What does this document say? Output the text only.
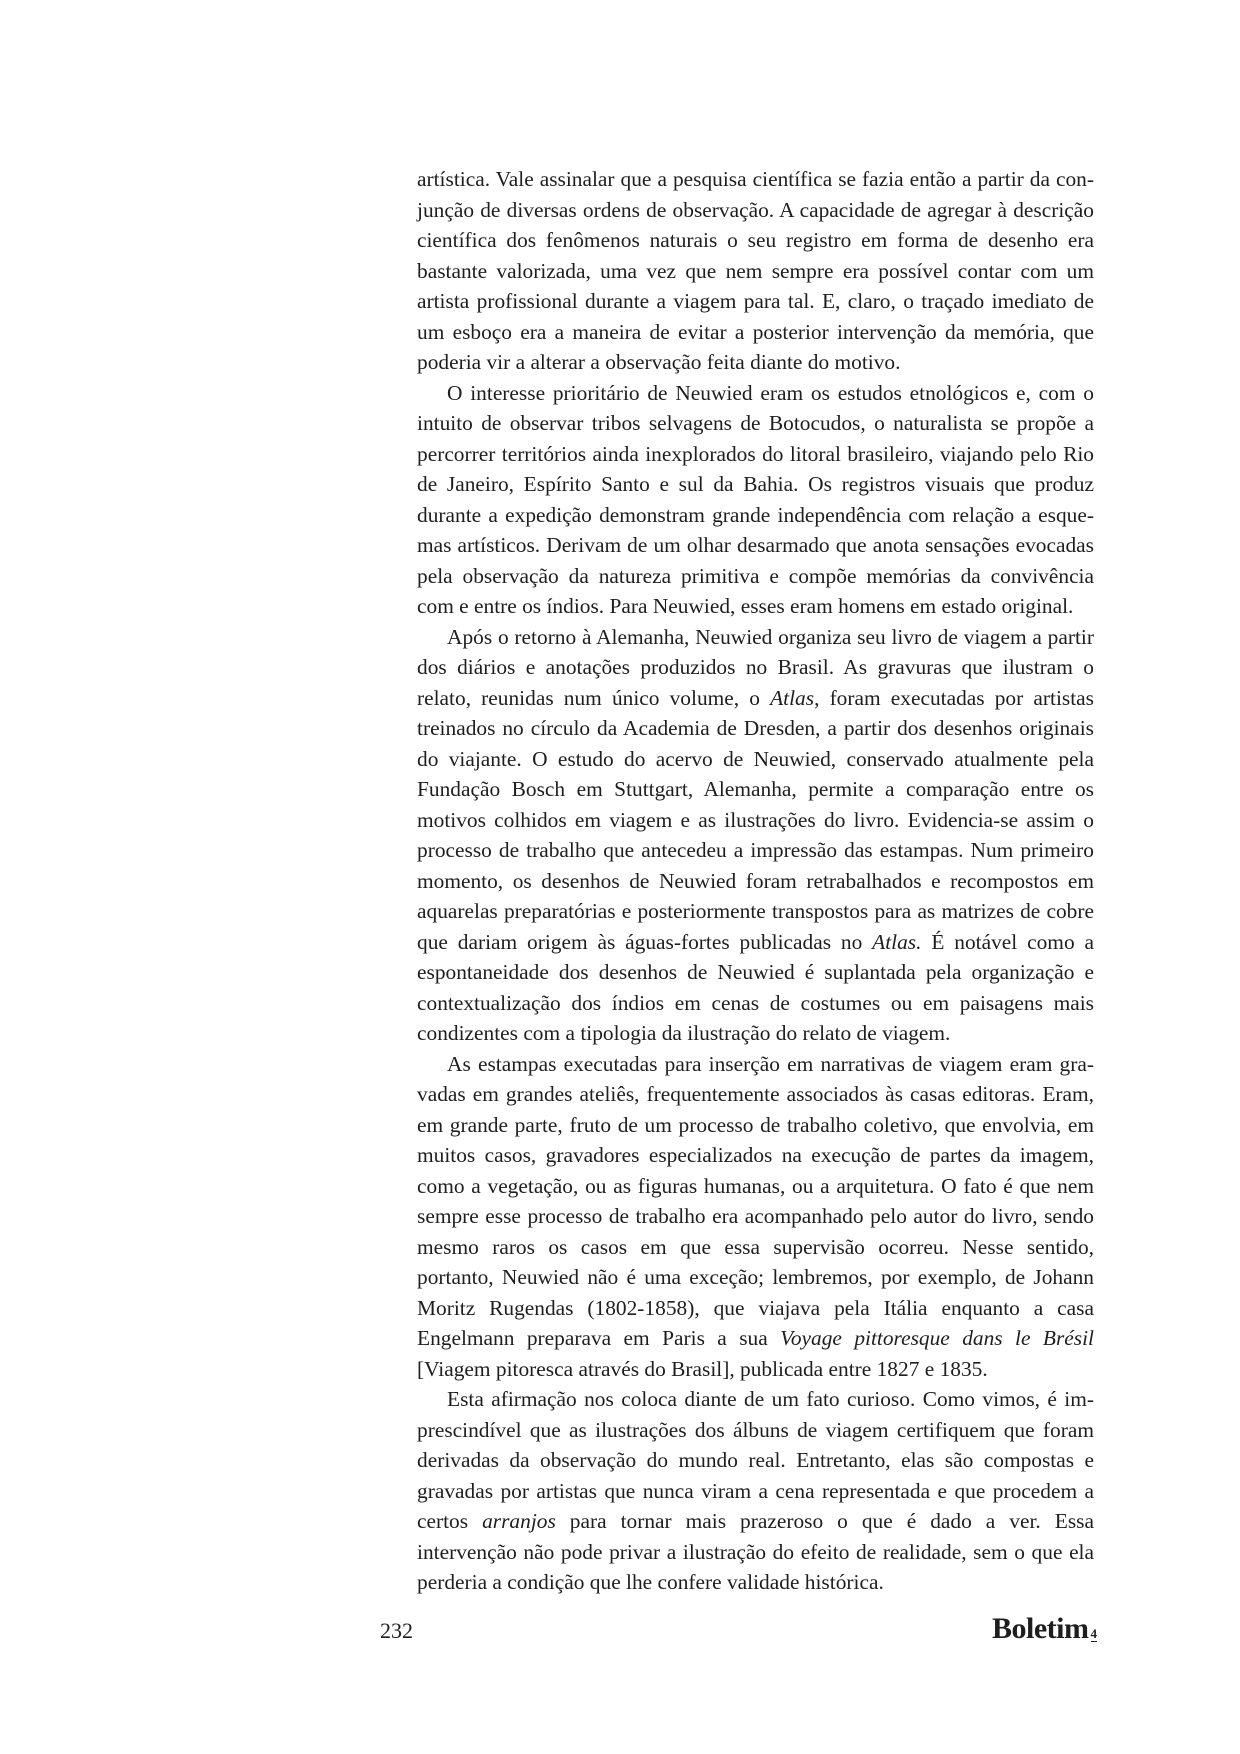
artística. Vale assinalar que a pesquisa científica se fazia então a partir da conjunção de diversas ordens de observação. A capacidade de agregar à descrição científica dos fenômenos naturais o seu registro em forma de desenho era bastante valorizada, uma vez que nem sempre era possível contar com um artista profissional durante a viagem para tal. E, claro, o traçado imediato de um esboço era a maneira de evitar a posterior intervenção da memória, que poderia vir a alterar a observação feita diante do motivo.

O interesse prioritário de Neuwied eram os estudos etnológicos e, com o intuito de observar tribos selvagens de Botocudos, o naturalista se propõe a percorrer territórios ainda inexplorados do litoral brasileiro, viajando pelo Rio de Janeiro, Espírito Santo e sul da Bahia. Os registros visuais que produz durante a expedição demonstram grande independência com relação a esquemas artísticos. Derivam de um olhar desarmado que anota sensações evocadas pela observação da natureza primitiva e compõe memórias da convivência com e entre os índios. Para Neuwied, esses eram homens em estado original.

Após o retorno à Alemanha, Neuwied organiza seu livro de viagem a partir dos diários e anotações produzidos no Brasil. As gravuras que ilustram o relato, reunidas num único volume, o Atlas, foram executadas por artistas treinados no círculo da Academia de Dresden, a partir dos desenhos originais do viajante. O estudo do acervo de Neuwied, conservado atualmente pela Fundação Bosch em Stuttgart, Alemanha, permite a comparação entre os motivos colhidos em viagem e as ilustrações do livro. Evidencia-se assim o processo de trabalho que antecedeu a impressão das estampas. Num primeiro momento, os desenhos de Neuwied foram retrabalhados e recompostos em aquarelas preparatórias e posteriormente transpostos para as matrizes de cobre que dariam origem às águas-fortes publicadas no Atlas. É notável como a espontaneidade dos desenhos de Neuwied é suplantada pela organização e contextualização dos índios em cenas de costumes ou em paisagens mais condizentes com a tipologia da ilustração do relato de viagem.

As estampas executadas para inserção em narrativas de viagem eram gravadas em grandes ateliês, frequentemente associados às casas editoras. Eram, em grande parte, fruto de um processo de trabalho coletivo, que envolvia, em muitos casos, gravadores especializados na execução de partes da imagem, como a vegetação, ou as figuras humanas, ou a arquitetura. O fato é que nem sempre esse processo de trabalho era acompanhado pelo autor do livro, sendo mesmo raros os casos em que essa supervisão ocorreu. Nesse sentido, portanto, Neuwied não é uma exceção; lembremos, por exemplo, de Johann Moritz Rugendas (1802-1858), que viajava pela Itália enquanto a casa Engelmann preparava em Paris a sua Voyage pittoresque dans le Brésil [Viagem pitoresca através do Brasil], publicada entre 1827 e 1835.

Esta afirmação nos coloca diante de um fato curioso. Como vimos, é imprescindível que as ilustrações dos álbuns de viagem certifiquem que foram derivadas da observação do mundo real. Entretanto, elas são compostas e gravadas por artistas que nunca viram a cena representada e que procedem a certos arranjos para tornar mais prazeroso o que é dado a ver. Essa intervenção não pode privar a ilustração do efeito de realidade, sem o que ela perderia a condição que lhe confere validade histórica.

232	Boletim 4
